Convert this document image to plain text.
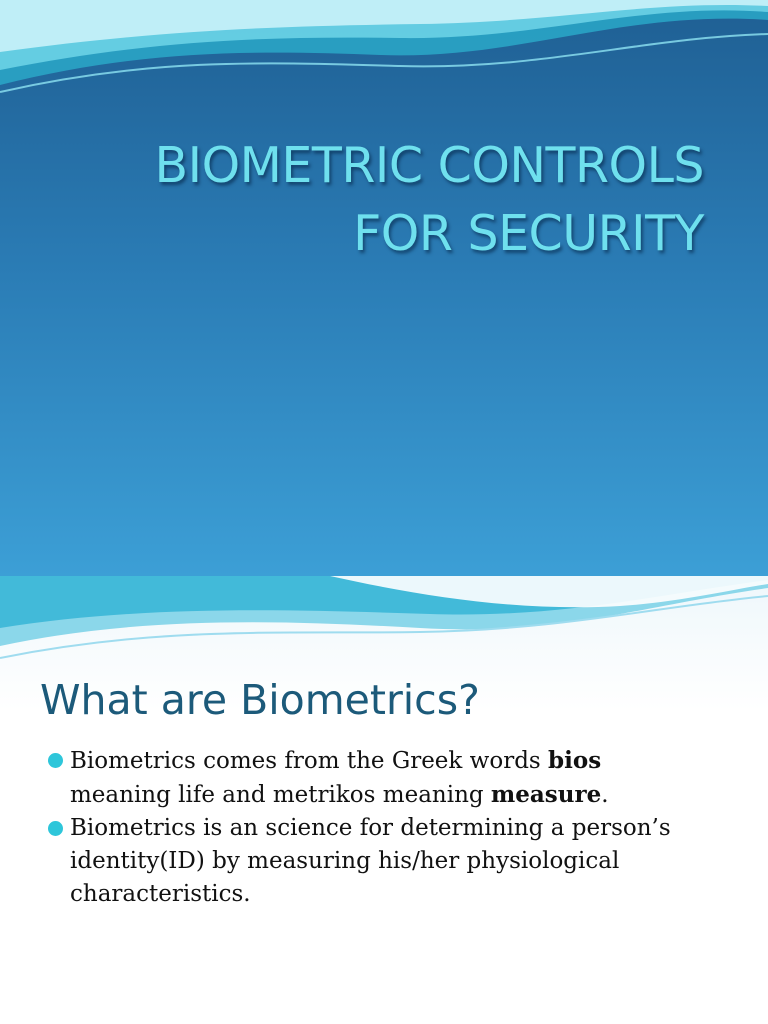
BIOMETRIC CONTROLS
FOR SECURITY
What are Biometrics?
Biometrics comes from the Greek words bios
meaning life and metrikos meaning measure.
Biometrics is an science for determining a person’s
identity(ID) by measuring his/her physiological
characteristics.
